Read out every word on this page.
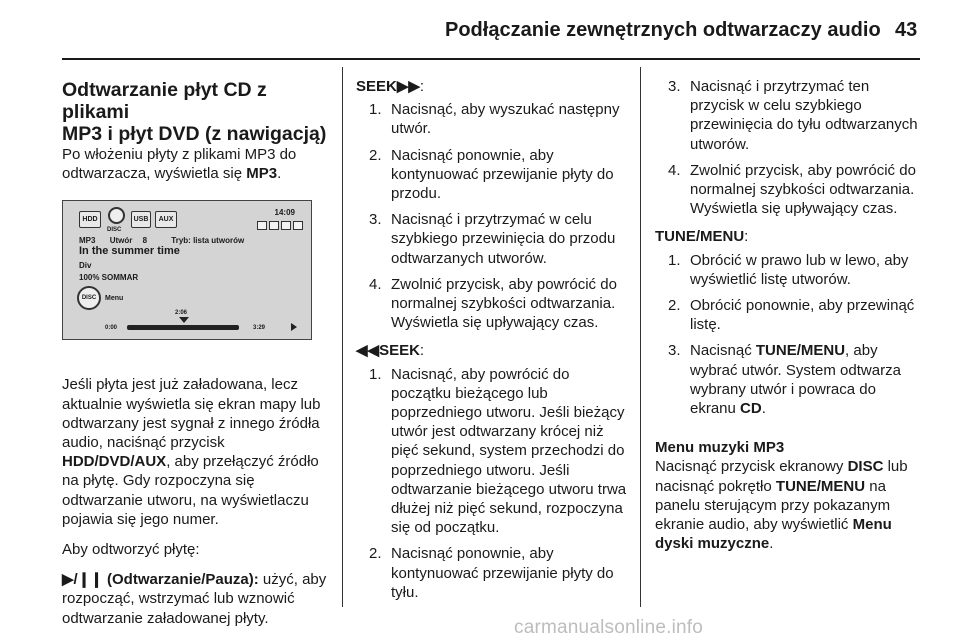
Podłączanie zewnętrznych odtwarzaczy audio 43
Odtwarzanie płyt CD z plikami
MP3 i płyt DVD (z nawigacją)

Po włożeniu płyty z plikami MP3 do odtwarzacza, wyświetla się MP3.

HDD
DISC
USB	AUX
14:09
MP3 Utwór 8	Tryb: lista utworów
In the summer time
Div
100% SOMMAR
DISC	Menu
2:06
0:00	3:29

Jeśli płyta jest już załadowana, lecz aktualnie wyświetla się ekran mapy lub odtwarzany jest sygnał z innego źródła audio, naciśnąć przycisk HDD/DVD/AUX, aby przełączyć źródło na płytę. Gdy rozpoczyna się odtwarzanie utworu, na wyświetlaczu pojawia się jego numer.

Aby odtworzyć płytę:

▶/❙❙ (Odtwarzanie/Pauza): użyć, aby rozpocząć, wstrzymać lub wznowić odtwarzanie załadowanej płyty.

SEEK▶▶:
1. Nacisnąć, aby wyszukać następny utwór.
2. Nacisnąć ponownie, aby kontynuować przewijanie płyty do przodu.
3. Nacisnąć i przytrzymać w celu szybkiego przewinięcia do przodu odtwarzanych utworów.
4. Zwolnić przycisk, aby powrócić do normalnej szybkości odtwarzania. Wyświetla się upływający czas.
◀◀SEEK:
1. Nacisnąć, aby powrócić do początku bieżącego lub poprzedniego utworu. Jeśli bieżący utwór jest odtwarzany krócej niż pięć sekund, system przechodzi do poprzedniego utworu. Jeśli odtwarzanie bieżącego utworu trwa dłużej niż pięć sekund, rozpoczyna się od początku.
2. Nacisnąć ponownie, aby kontynuować przewijanie płyty do tyłu.
3. Nacisnąć i przytrzymać ten przycisk w celu szybkiego przewinięcia do tyłu odtwarzanych utworów.
4. Zwolnić przycisk, aby powrócić do normalnej szybkości odtwarzania. Wyświetla się upływający czas.
TUNE/MENU:
1. Obrócić w prawo lub w lewo, aby wyświetlić listę utworów.
2. Obrócić ponownie, aby przewinąć listę.
3. Nacisnąć TUNE/MENU, aby wybrać utwór. System odtwarza wybrany utwór i powraca do ekranu CD.
Menu muzyki MP3

Nacisnąć przycisk ekranowy DISC lub nacisnąć pokrętło TUNE/MENU na panelu sterującym przy pokazanym ekranie audio, aby wyświetlić Menu dyski muzyczne.

carmanualsonline.info
